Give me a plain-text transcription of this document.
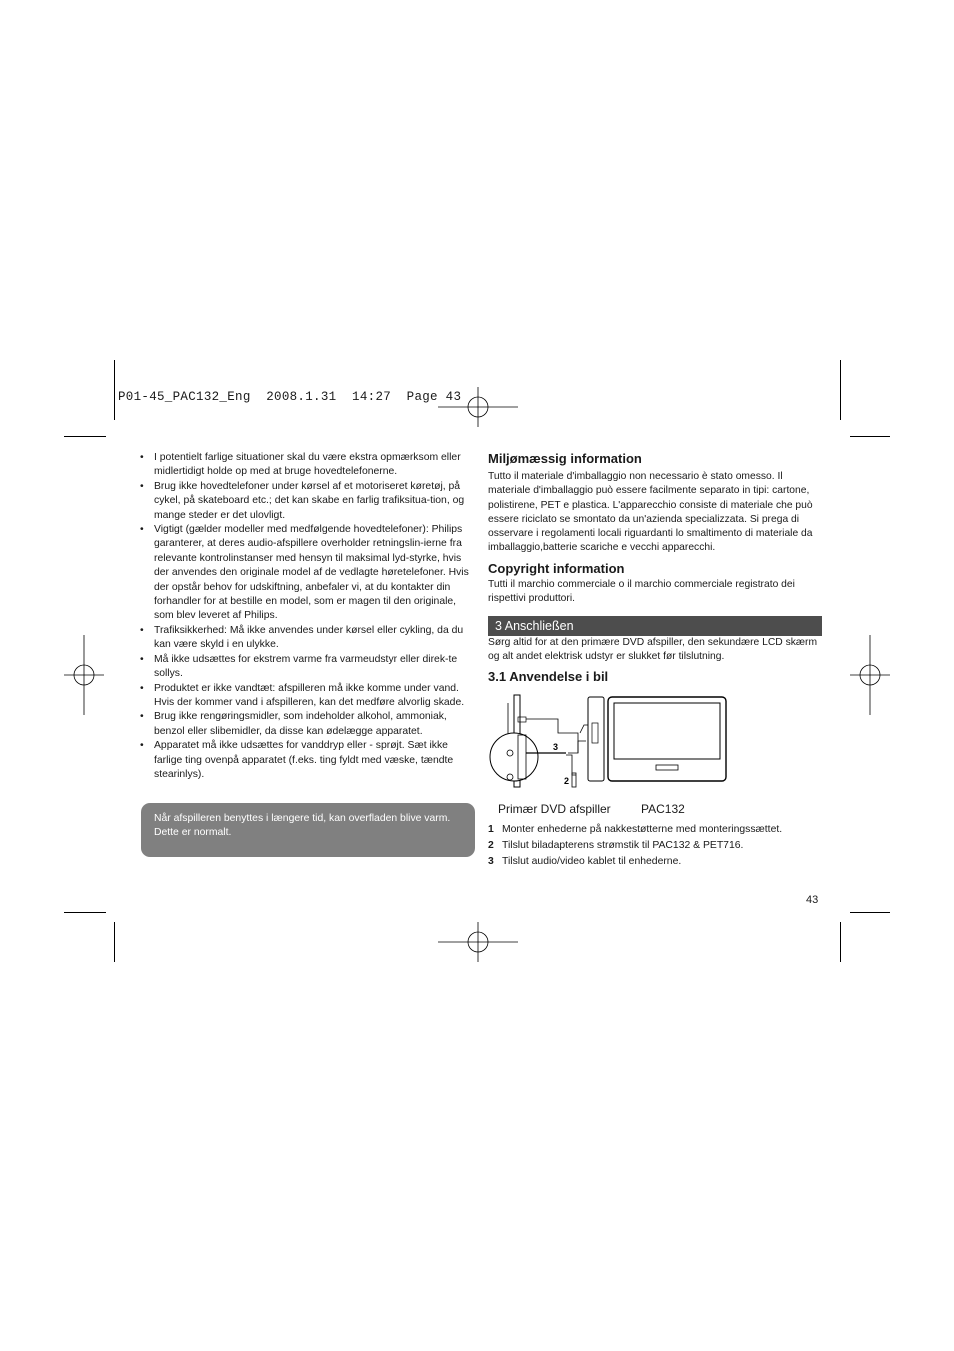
P01-45_PAC132_Eng  2008.1.31  14:27  Page 43
• I potentielt farlige situationer skal du være ekstra opmærksom eller midlertidigt holde op med at bruge hovedtelefonerne.
• Brug ikke hovedtelefoner under kørsel af et motoriseret køretøj, på cykel, på skateboard etc.; det kan skabe en farlig trafiksitua-tion, og mange steder er det ulovligt.
• Vigtigt (gælder modeller med medfølgende hovedtelefoner): Philips garanterer, at deres audio-afspillere overholder retningslin-ierne fra relevante kontrolinstanser med hensyn til maksimal lyd-styrke, hvis der anvendes den originale model af de vedlagte høretelefoner. Hvis der opstår behov for udskiftning, anbefaler vi, at du kontakter din forhandler for at bestille en model, som er magen til den originale, som blev leveret af Philips.
• Trafiksikkerhed: Må ikke anvendes under kørsel eller cykling, da du kan være skyld i en ulykke.
• Må ikke udsættes for ekstrem varme fra varmeudstyr eller direk-te sollys.
• Produktet er ikke vandtæt: afspilleren må ikke komme under vand. Hvis der kommer vand i afspilleren, kan det medføre alvorlig skade.
• Brug ikke rengøringsmidler, som indeholder alkohol, ammoniak, benzol eller slibemidler, da disse kan ødelægge apparatet.
• Apparatet må ikke udsættes for vanddryp eller - sprøjt. Sæt ikke farlige ting ovenpå apparatet (f.eks. ting fyldt med væske, tændte stearinlys).
Når afspilleren benyttes i længere tid, kan overfladen blive varm. Dette er normalt.
Miljømæssig information
Tutto il materiale d'imballaggio non necessario è stato omesso. Il materiale d'imballaggio può essere facilmente separato in tipi: cartone, polistirene, PET e plastica. L'apparecchio consiste di materiale che può essere riciclato se smontato da un'azienda specializzata. Si prega di osservare i regolamenti locali riguardanti lo smaltimento di materiale da imballaggio,batterie scariche e vecchi apparecchi.
Copyright information
Tutti il marchio commerciale o il marchio commerciale registrato dei rispettivi produttori.
3 Anschließen
Sørg altid for at den primære DVD afspiller, den sekundære LCD skærm og alt andet elektrisk udstyr er slukket før tilslutning.
3.1 Anvendelse i bil
3
2
Primær DVD afspiller	PAC132
1 Monter enhederne på nakkestøtterne med monteringssættet.
2 Tilslut biladapterens strømstik til PAC132 & PET716.
3 Tilslut audio/video kablet til enhederne.
43
